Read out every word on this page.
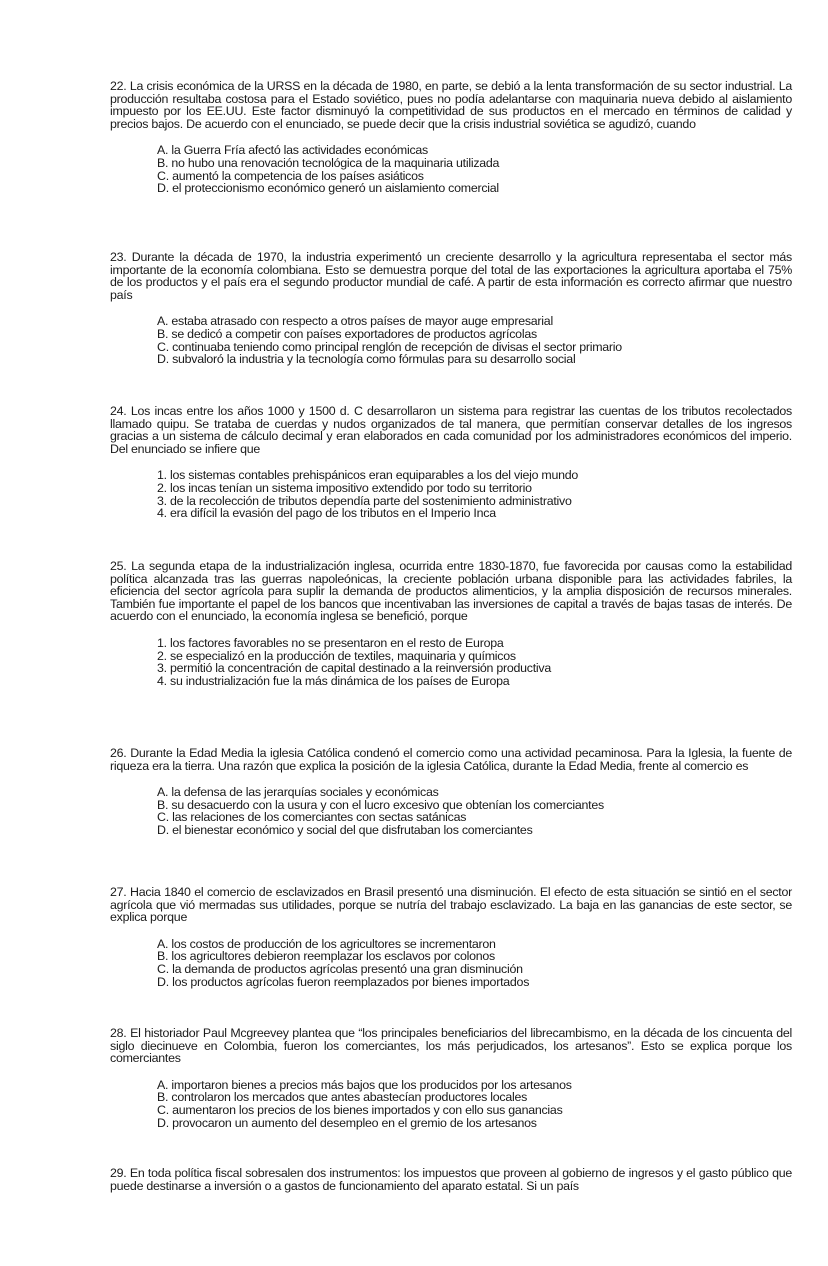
22. La crisis económica de la URSS en la década de 1980, en parte, se debió a la lenta transformación de su sector industrial. La producción resultaba costosa para el Estado soviético, pues no podía adelantarse con maquinaria nueva debido al aislamiento impuesto por los EE.UU. Este factor disminuyó la competitividad de sus productos en el mercado en términos de calidad y precios bajos. De acuerdo con el enunciado, se puede decir que la crisis industrial soviética se agudizó, cuando

A. la Guerra Fría afectó las actividades económicas
B. no hubo una renovación tecnológica de la maquinaria utilizada
C. aumentó la competencia de los países asiáticos
D. el proteccionismo económico generó un aislamiento comercial

23. Durante la década de 1970, la industria experimentó un creciente desarrollo y la agricultura representaba el sector más importante de la economía colombiana. Esto se demuestra porque del total de las exportaciones la agricultura aportaba el 75% de los productos y el país era el segundo productor mundial de café. A partir de esta información es correcto afirmar que nuestro país

A. estaba atrasado con respecto a otros países de mayor auge empresarial
B. se dedicó a competir con países exportadores de productos agrícolas
C. continuaba teniendo como principal renglón de recepción de divisas el sector primario
D. subvaloró la industria y la tecnología como fórmulas para su desarrollo social

24. Los incas entre los años 1000 y 1500 d. C desarrollaron un sistema para registrar las cuentas de los tributos recolectados llamado quipu. Se trataba de cuerdas y nudos organizados de tal manera, que permitían conservar detalles de los ingresos gracias a un sistema de cálculo decimal y eran elaborados en cada comunidad por los administradores económicos del imperio. Del enunciado se infiere que

1. los sistemas contables prehispánicos eran equiparables a los del viejo mundo
2. los incas tenían un sistema impositivo extendido por todo su territorio
3. de la recolección de tributos dependía parte del sostenimiento administrativo
4. era difícil la evasión del pago de los tributos en el Imperio Inca

25. La segunda etapa de la industrialización inglesa, ocurrida entre 1830-1870, fue favorecida por causas como la estabilidad política alcanzada tras las guerras napoleónicas, la creciente población urbana disponible para las actividades fabriles, la eficiencia del sector agrícola para suplir la demanda de productos alimenticios, y la amplia disposición de recursos minerales. También fue importante el papel de los bancos que incentivaban las inversiones de capital a través de bajas tasas de interés. De acuerdo con el enunciado, la economía inglesa se benefició, porque

1. los factores favorables no se presentaron en el resto de Europa
2. se especializó en la producción de textiles, maquinaria y químicos
3. permitió la concentración de capital destinado a la reinversión productiva
4. su industrialización fue la más dinámica de los países de Europa

26. Durante la Edad Media la iglesia Católica condenó el comercio como una actividad pecaminosa. Para la Iglesia, la fuente de riqueza era la tierra. Una razón que explica la posición de la iglesia Católica, durante la Edad Media, frente al comercio es

A. la defensa de las jerarquías sociales y económicas
B. su desacuerdo con la usura y con el lucro excesivo que obtenían los comerciantes
C. las relaciones de los comerciantes con sectas satánicas
D. el bienestar económico y social del que disfrutaban los comerciantes

27. Hacia 1840 el comercio de esclavizados en Brasil presentó una disminución. El efecto de esta situación se sintió en el sector agrícola que vió mermadas sus utilidades, porque se nutría del trabajo esclavizado. La baja en las ganancias de este sector, se explica porque

A. los costos de producción de los agricultores se incrementaron
B. los agricultores debieron reemplazar los esclavos por colonos
C. la demanda de productos agrícolas presentó una gran disminución
D. los productos agrícolas fueron reemplazados por bienes importados

28. El historiador Paul Mcgreevey plantea que “los principales beneficiarios del librecambismo, en la década de los cincuenta del siglo diecinueve en Colombia, fueron los comerciantes, los más perjudicados, los artesanos”. Esto se explica porque los comerciantes

A. importaron bienes a precios más bajos que los producidos por los artesanos
B. controlaron los mercados que antes abastecían productores locales
C. aumentaron los precios de los bienes importados y con ello sus ganancias
D. provocaron un aumento del desempleo en el gremio de los artesanos

29. En toda política fiscal sobresalen dos instrumentos: los impuestos que proveen al gobierno de ingresos y el gasto público que puede destinarse a inversión o a gastos de funcionamiento del aparato estatal. Si un país
